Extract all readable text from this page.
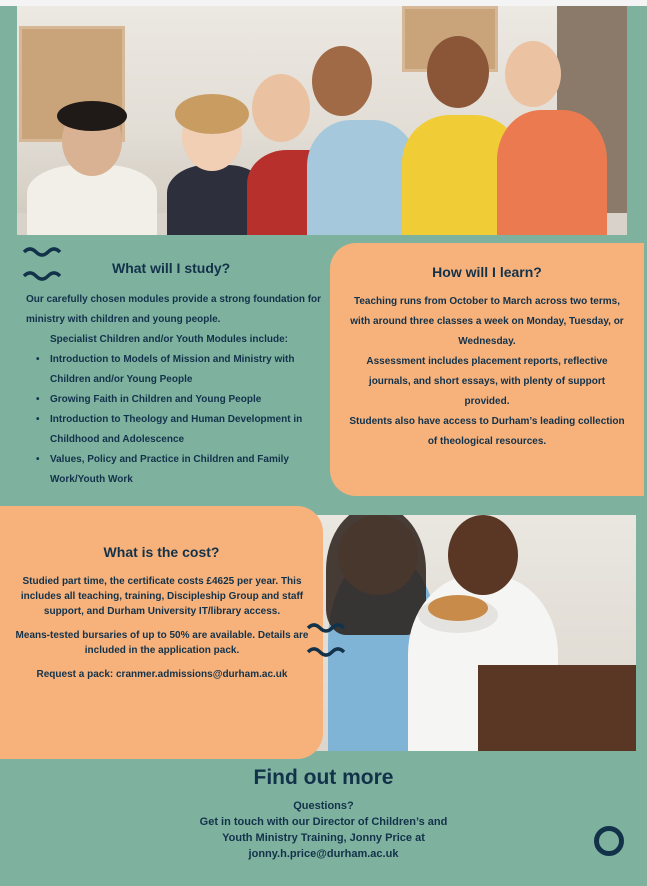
What will I study?

Our carefully chosen modules provide a strong foundation for ministry with children and young people.

Specialist Children and/or Youth Modules include:

• Introduction to Models of Mission and Ministry with Children and/or Young People
• Growing Faith in Children and Young People
• Introduction to Theology and Human Development in Childhood and Adolescence
• Values, Policy and Practice in Children and Family Work/Youth Work
How will I learn?

Teaching runs from October to March across two terms, with around three classes a week on Monday, Tuesday, or Wednesday.

Assessment includes placement reports, reflective journals, and short essays, with plenty of support provided.

Students also have access to Durham’s leading collection of theological resources.

What is the cost?

Studied part time, the certificate costs £4625 per year. This includes all teaching, training, Discipleship Group and staff support, and Durham University IT/library access.

Means-tested bursaries of up to 50% are available. Details are included in the application pack.

Request a pack: cranmer.admissions@durham.ac.uk

Find out more

Questions?

Get in touch with our Director of Children’s and

Youth Ministry Training, Jonny Price at

jonny.h.price@durham.ac.uk
